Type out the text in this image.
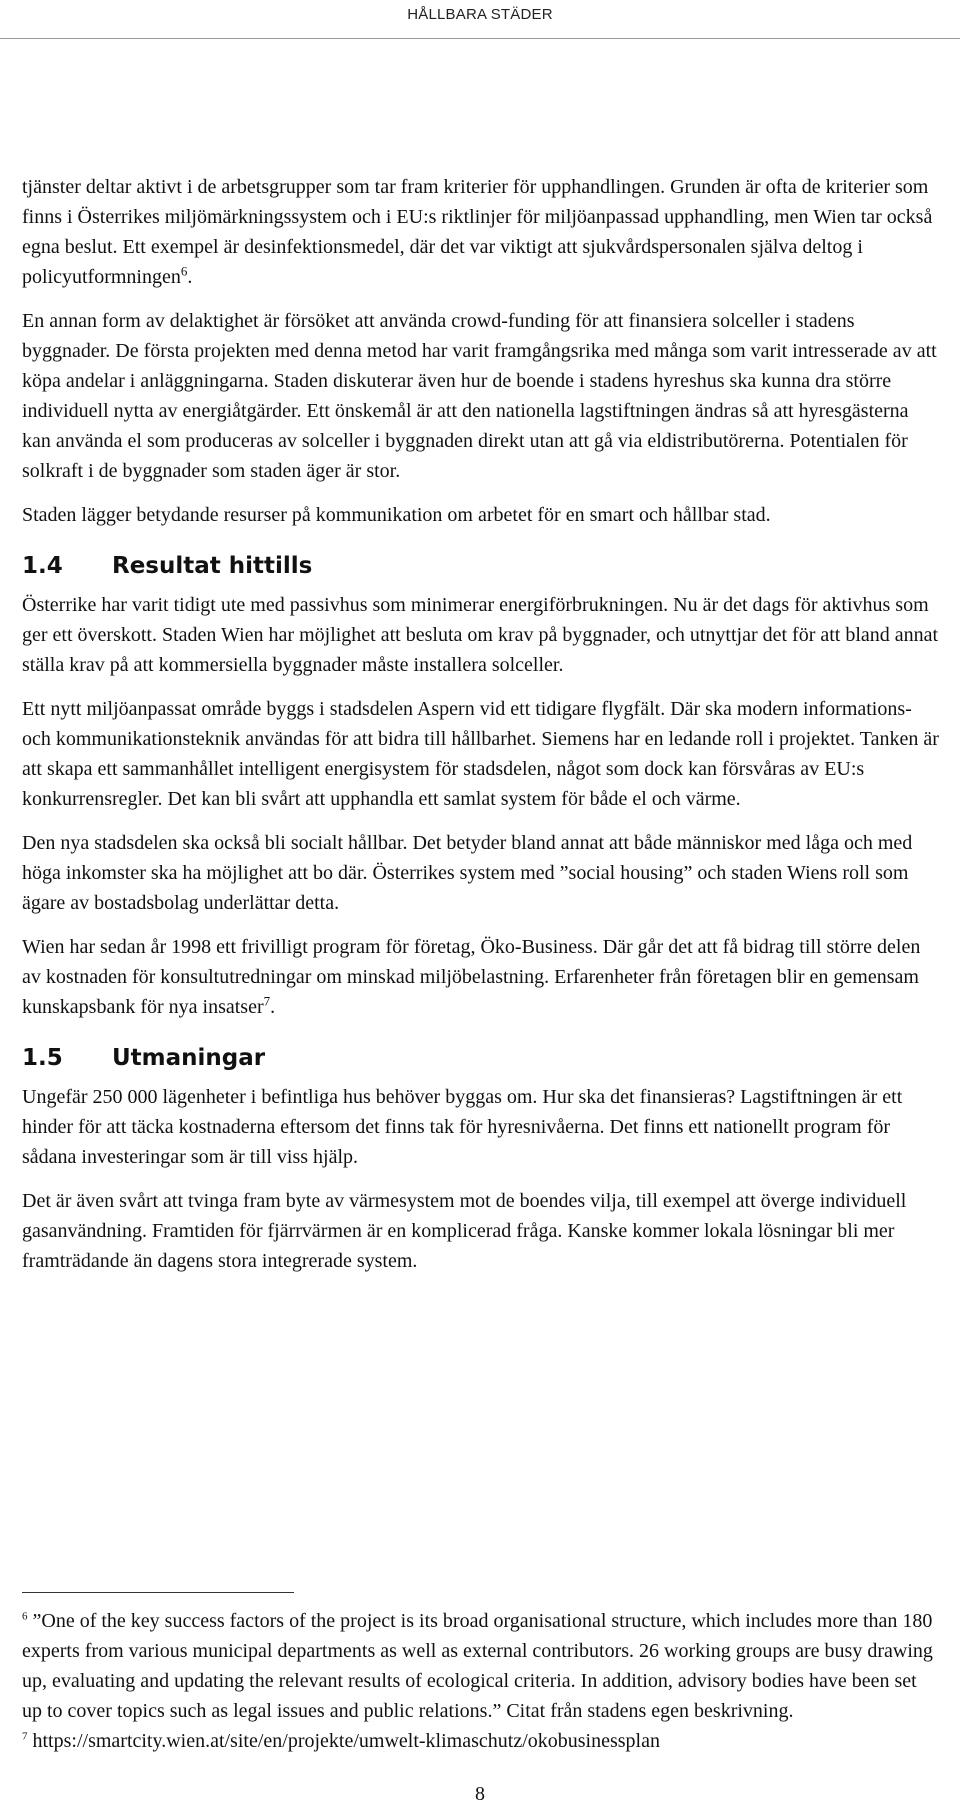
HÅLLBARA STÄDER

tjänster deltar aktivt i de arbetsgrupper som tar fram kriterier för upphandlingen. Grunden är ofta de kriterier som finns i Österrikes miljömärkningssystem och i EU:s riktlinjer för miljöanpassad upphandling, men Wien tar också egna beslut. Ett exempel är desinfektionsmedel, där det var viktigt att sjukvårdspersonalen själva deltog i policyutformningen$^6$.

En annan form av delaktighet är försöket att använda crowd-funding för att finansiera solceller i stadens byggnader. De första projekten med denna metod har varit framgångsrika med många som varit intresserade av att köpa andelar i anläggningarna. Staden diskuterar även hur de boende i stadens hyreshus ska kunna dra större individuell nytta av energiåtgärder. Ett önskemål är att den nationella lagstiftningen ändras så att hyresgästerna kan använda el som produceras av solceller i byggnaden direkt utan att gå via eldistributörerna. Potentialen för solkraft i de byggnader som staden äger är stor.

Staden lägger betydande resurser på kommunikation om arbetet för en smart och hållbar stad.

1.4 Resultat hittills

Österrike har varit tidigt ute med passivhus som minimerar energiförbrukningen. Nu är det dags för aktivhus som ger ett överskott. Staden Wien har möjlighet att besluta om krav på byggnader, och utnyttjar det för att bland annat ställa krav på att kommersiella byggnader måste installera solceller.

Ett nytt miljöanpassat område byggs i stadsdelen Aspern vid ett tidigare flygfält. Där ska modern informations- och kommunikationsteknik användas för att bidra till hållbarhet. Siemens har en ledande roll i projektet. Tanken är att skapa ett sammanhållet intelligent energisystem för stadsdelen, något som dock kan försvåras av EU:s konkurrensregler. Det kan bli svårt att upphandla ett samlat system för både el och värme.

Den nya stadsdelen ska också bli socialt hållbar. Det betyder bland annat att både människor med låga och med höga inkomster ska ha möjlighet att bo där. Österrikes system med ”social housing” och staden Wiens roll som ägare av bostadsbolag underlättar detta.

Wien har sedan år 1998 ett frivilligt program för företag, Öko-Business. Där går det att få bidrag till större delen av kostnaden för konsultutredningar om minskad miljöbelastning. Erfarenheter från företagen blir en gemensam kunskapsbank för nya insatser$^7$.

1.5 Utmaningar

Ungefär 250 000 lägenheter i befintliga hus behöver byggas om. Hur ska det finansieras? Lagstiftningen är ett hinder för att täcka kostnaderna eftersom det finns tak för hyresnivåerna. Det finns ett nationellt program för sådana investeringar som är till viss hjälp.

Det är även svårt att tvinga fram byte av värmesystem mot de boendes vilja, till exempel att överge individuell gasanvändning. Framtiden för fjärrvärmen är en komplicerad fråga. Kanske kommer lokala lösningar bli mer framträdande än dagens stora integrerade system.

$^6$ ”One of the key success factors of the project is its broad organisational structure, which includes more than 180 experts from various municipal departments as well as external contributors. 26 working groups are busy drawing up, evaluating and updating the relevant results of ecological criteria. In addition, advisory bodies have been set up to cover topics such as legal issues and public relations.” Citat från stadens egen beskrivning.

$^7$ https://smartcity.wien.at/site/en/projekte/umwelt-klimaschutz/okobusinessplan

8
